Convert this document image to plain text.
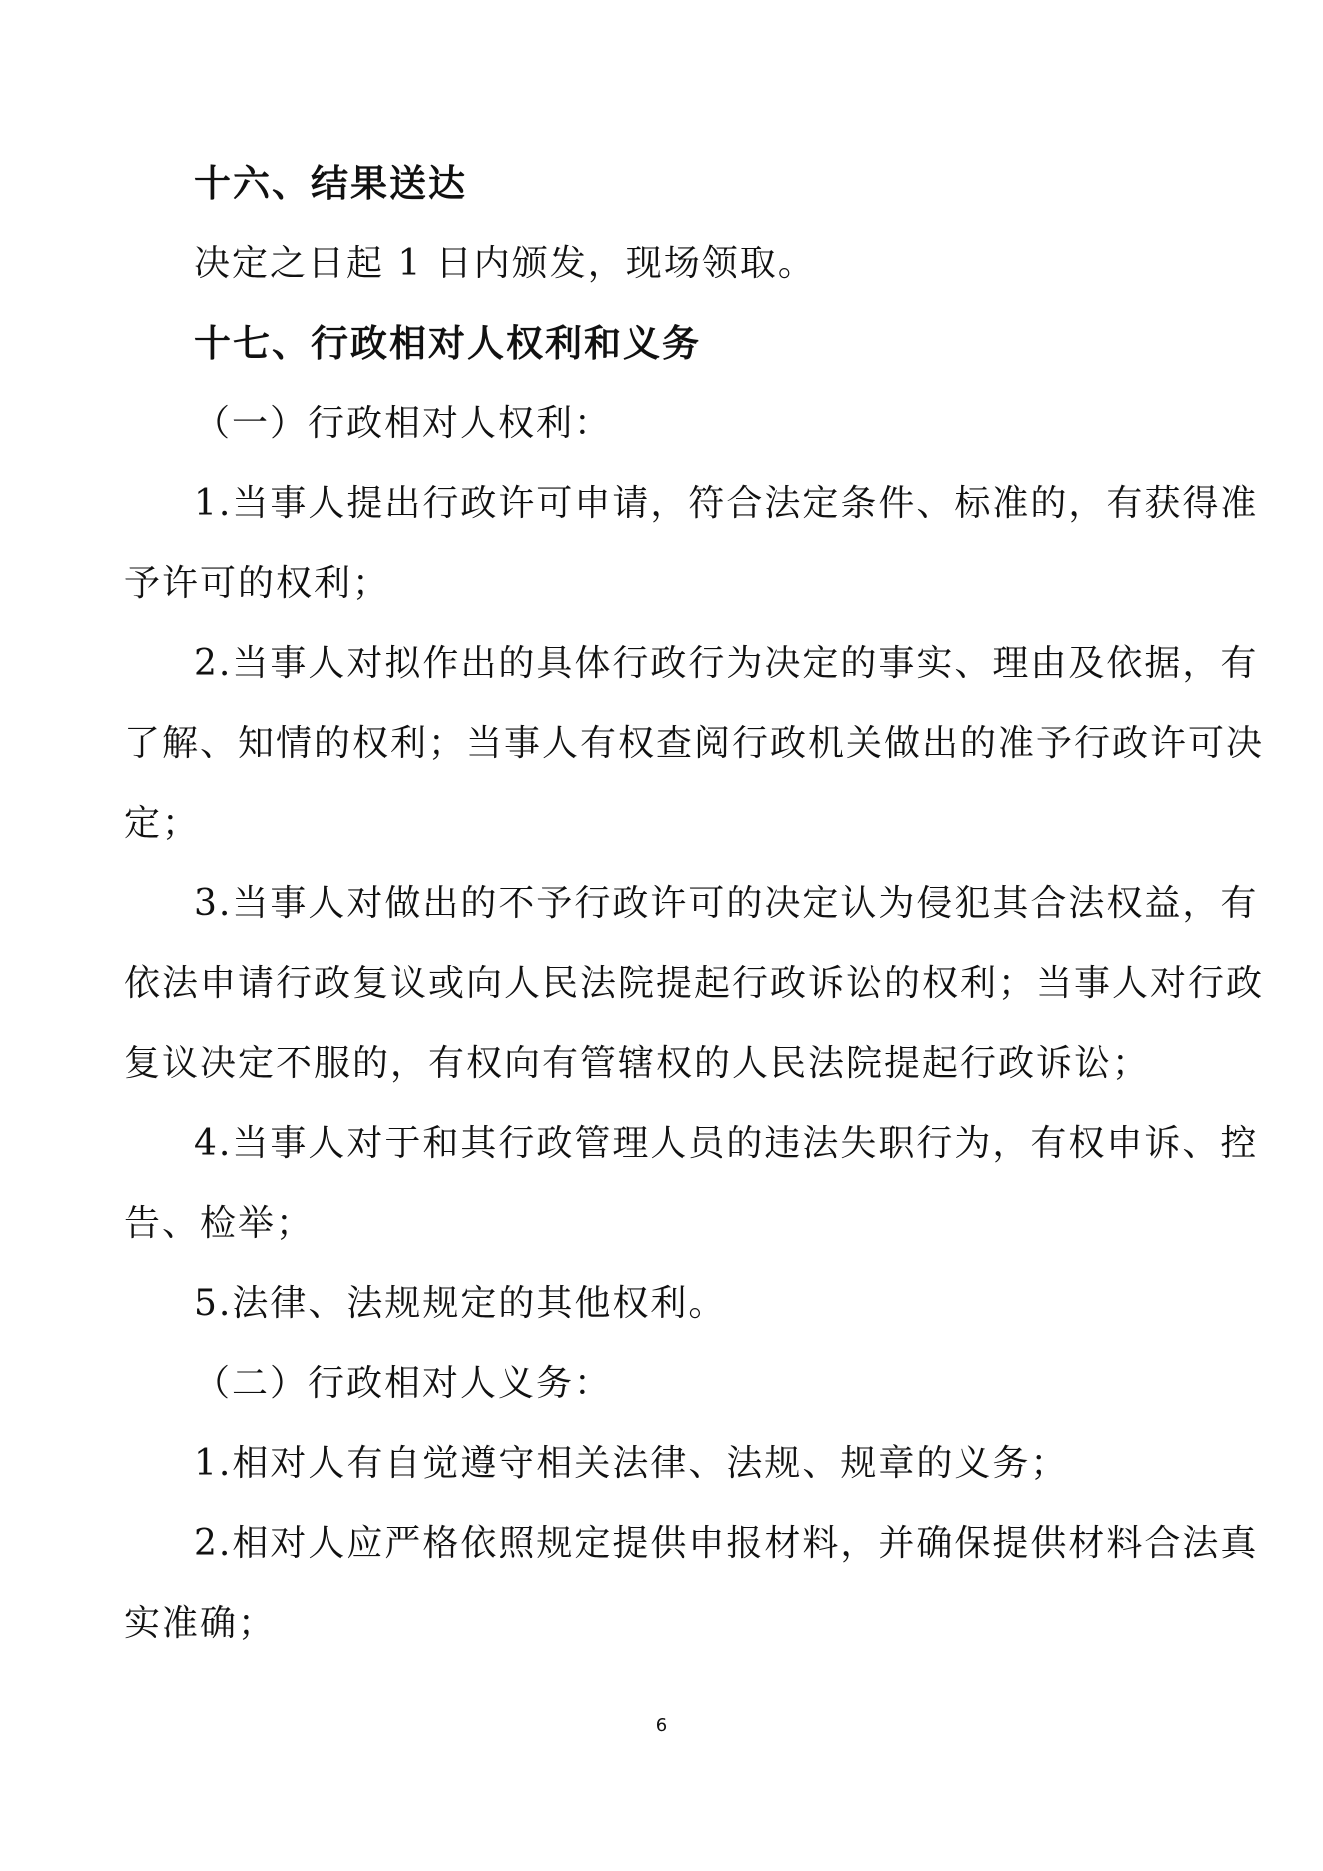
十六、结果送达
决定之日起 1 日内颁发，现场领取。
十七、行政相对人权利和义务
（一）行政相对人权利：
1.当事人提出行政许可申请，符合法定条件、标准的，有获得准
予许可的权利；
2.当事人对拟作出的具体行政行为决定的事实、理由及依据，有
了解、知情的权利；当事人有权查阅行政机关做出的准予行政许可决
定；
3.当事人对做出的不予行政许可的决定认为侵犯其合法权益，有
依法申请行政复议或向人民法院提起行政诉讼的权利；当事人对行政
复议决定不服的，有权向有管辖权的人民法院提起行政诉讼；
4.当事人对于和其行政管理人员的违法失职行为，有权申诉、控
告、检举；
5.法律、法规规定的其他权利。
（二）行政相对人义务：
1.相对人有自觉遵守相关法律、法规、规章的义务；
2.相对人应严格依照规定提供申报材料，并确保提供材料合法真
实准确；
6
